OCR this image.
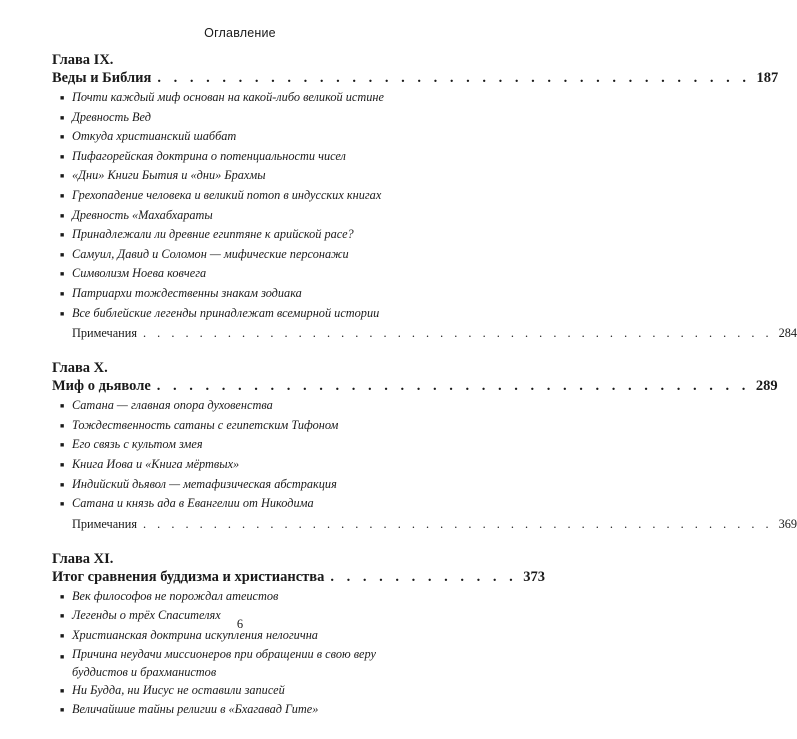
Оглавление
Глава IX.
Веды и Библия . . . . . . . . . . . . . . . . . . . . . . . . . . . . . . . . . . . . . 187
■ Почти каждый миф основан на какой-либо великой истине
■ Древность Вед
■ Откуда христианский шаббат
■ Пифагорейская доктрина о потенциальности чисел
■ «Дни» Книги Бытия и «дни» Брахмы
■ Грехопадение человека и великий потоп в индусских книгах
■ Древность «Махабхараты
■ Принадлежали ли древние египтяне к арийской расе?
■ Самуил, Давид и Соломон — мифические персонажи
■ Символизм Ноева ковчега
■ Патриархи тождественны знакам зодиака
■ Все библейские легенды принадлежат всемирной истории
Примечания . . . . . . . . . . . . . . . . . . . . . . . . . . . . . . . . . . . . . . . . . . . . . 284
Глава X.
Миф о дьяволе . . . . . . . . . . . . . . . . . . . . . . . . . . . . . . . . . . . . . 289
■ Сатана — главная опора духовенства
■ Тождественность сатаны с египетским Тифоном
■ Его связь с культом змея
■ Книга Иова и «Книга мёртвых»
■ Индийский дьявол — метафизическая абстракция
■ Сатана и князь ада в Евангелии от Никодима
Примечания . . . . . . . . . . . . . . . . . . . . . . . . . . . . . . . . . . . . . . . . . . . . . 369
Глава XI.
Итог сравнения буддизма и христианства . . . . . . . . . . . . 373
■ Век философов не порождал атеистов
■ Легенды о трёх Спасителях
■ Христианская доктрина искупления нелогична
■ Причина неудачи миссионеров при обращении в свою веру буддистов и брахманистов
■ Ни Будда, ни Иисус не оставили записей
■ Величайшие тайны религии в «Бхагавад Гите»
6
